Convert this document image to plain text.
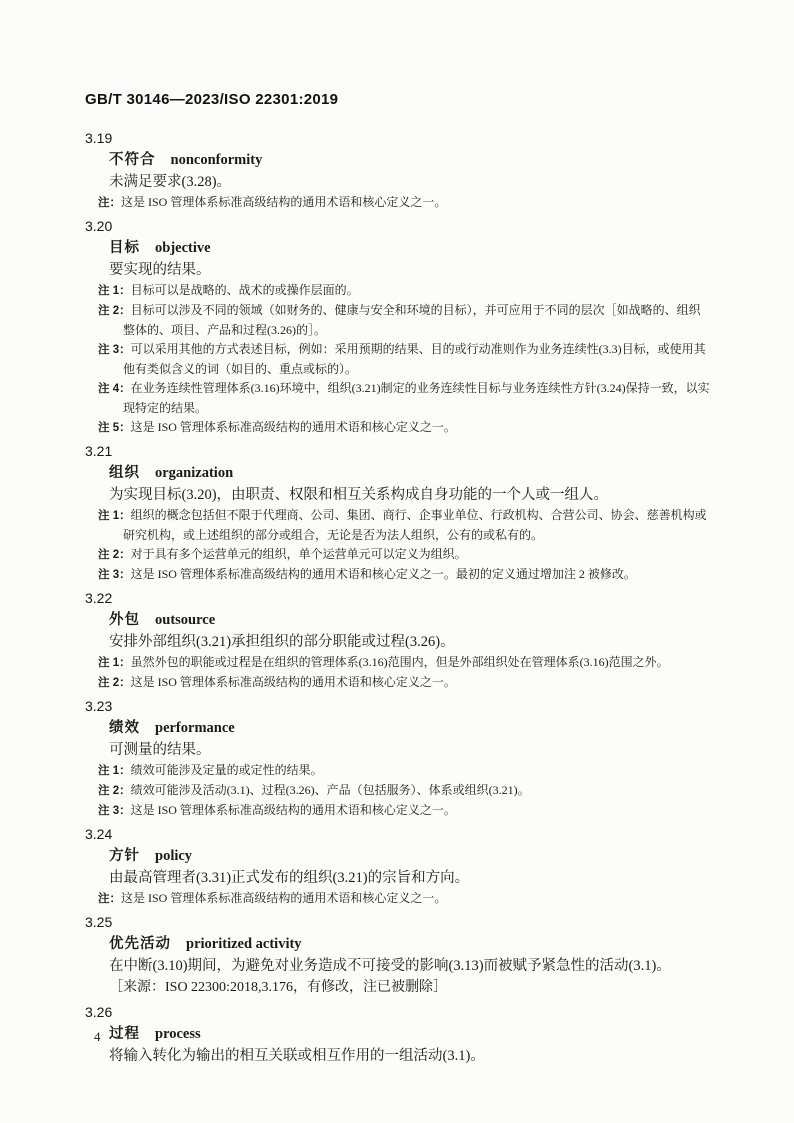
GB/T 30146—2023/ISO 22301:2019
3.19
不符合 nonconformity
未满足要求(3.28)。
注：这是 ISO 管理体系标准高级结构的通用术语和核心定义之一。
3.20
目标 objective
要实现的结果。
注 1：目标可以是战略的、战术的或操作层面的。
注 2：目标可以涉及不同的领域（如财务的、健康与安全和环境的目标），并可应用于不同的层次［如战略的、组织整体的、项目、产品和过程(3.26)的］。
注 3：可以采用其他的方式表述目标，例如：采用预期的结果、目的或行动准则作为业务连续性(3.3)目标，或使用其他有类似含义的词（如目的、重点或标的）。
注 4：在业务连续性管理体系(3.16)环境中，组织(3.21)制定的业务连续性目标与业务连续性方针(3.24)保持一致，以实现特定的结果。
注 5：这是 ISO 管理体系标准高级结构的通用术语和核心定义之一。
3.21
组织 organization
为实现目标(3.20)，由职责、权限和相互关系构成自身功能的一个人或一组人。
注 1：组织的概念包括但不限于代理商、公司、集团、商行、企事业单位、行政机构、合营公司、协会、慈善机构或研究机构，或上述组织的部分或组合，无论是否为法人组织，公有的或私有的。
注 2：对于具有多个运营单元的组织，单个运营单元可以定义为组织。
注 3：这是 ISO 管理体系标准高级结构的通用术语和核心定义之一。最初的定义通过增加注 2 被修改。
3.22
外包 outsource
安排外部组织(3.21)承担组织的部分职能或过程(3.26)。
注 1：虽然外包的职能或过程是在组织的管理体系(3.16)范围内，但是外部组织处在管理体系(3.16)范围之外。
注 2：这是 ISO 管理体系标准高级结构的通用术语和核心定义之一。
3.23
绩效 performance
可测量的结果。
注 1：绩效可能涉及定量的或定性的结果。
注 2：绩效可能涉及活动(3.1)、过程(3.26)、产品（包括服务）、体系或组织(3.21)。
注 3：这是 ISO 管理体系标准高级结构的通用术语和核心定义之一。
3.24
方针 policy
由最高管理者(3.31)正式发布的组织(3.21)的宗旨和方向。
注：这是 ISO 管理体系标准高级结构的通用术语和核心定义之一。
3.25
优先活动 prioritized activity
在中断(3.10)期间，为避免对业务造成不可接受的影响(3.13)而被赋予紧急性的活动(3.1)。
［来源：ISO 22300:2018,3.176，有修改，注已被删除］
3.26
过程 process
将输入转化为输出的相互关联或相互作用的一组活动(3.1)。
4
